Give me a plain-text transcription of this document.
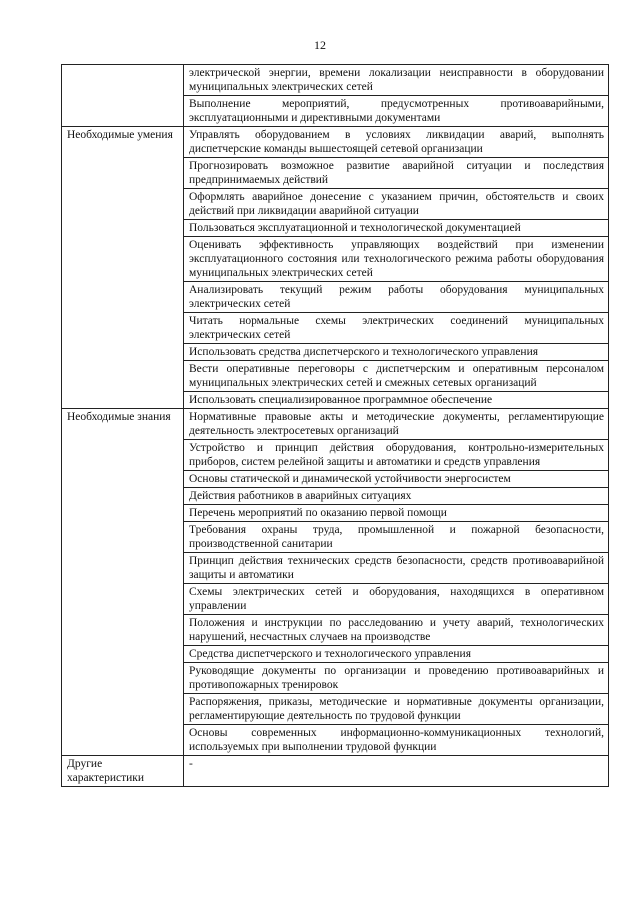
12

	электрической энергии, времени локализации неисправности в оборудовании муниципальных электрических сетей

	Выполнение мероприятий, предусмотренных противоаварийными, эксплуатационными и директивными документами

Необходимые умения	Управлять оборудованием в условиях ликвидации аварий, выполнять диспетчерские команды вышестоящей сетевой организации

	Прогнозировать возможное развитие аварийной ситуации и последствия предпринимаемых действий

	Оформлять аварийное донесение с указанием причин, обстоятельств и своих действий при ликвидации аварийной ситуации

	Пользоваться эксплуатационной и технологической документацией

	Оценивать эффективность управляющих воздействий при изменении эксплуатационного состояния или технологического режима работы оборудования муниципальных электрических сетей

	Анализировать текущий режим работы оборудования муниципальных электрических сетей

	Читать нормальные схемы электрических соединений муниципальных электрических сетей

	Использовать средства диспетчерского и технологического управления

	Вести оперативные переговоры с диспетчерским и оперативным персоналом муниципальных электрических сетей и смежных сетевых организаций

	Использовать специализированное программное обеспечение

Необходимые знания	Нормативные правовые акты и методические документы, регламентирующие деятельность электросетевых организаций

	Устройство и принцип действия оборудования, контрольно-измерительных приборов, систем релейной защиты и автоматики и средств управления

	Основы статической и динамической устойчивости энергосистем

	Действия работников в аварийных ситуациях

	Перечень мероприятий по оказанию первой помощи

	Требования охраны труда, промышленной и пожарной безопасности, производственной санитарии

	Принцип действия технических средств безопасности, средств противоаварийной защиты и автоматики

	Схемы электрических сетей и оборудования, находящихся в оперативном управлении

	Положения и инструкции по расследованию и учету аварий, технологических нарушений, несчастных случаев на производстве

	Средства диспетчерского и технологического управления

	Руководящие документы по организации и проведению противоаварийных и противопожарных тренировок

	Распоряжения, приказы, методические и нормативные документы организации, регламентирующие деятельность по трудовой функции

	Основы современных информационно-коммуникационных технологий, используемых при выполнении трудовой функции

Другие характеристики	-
